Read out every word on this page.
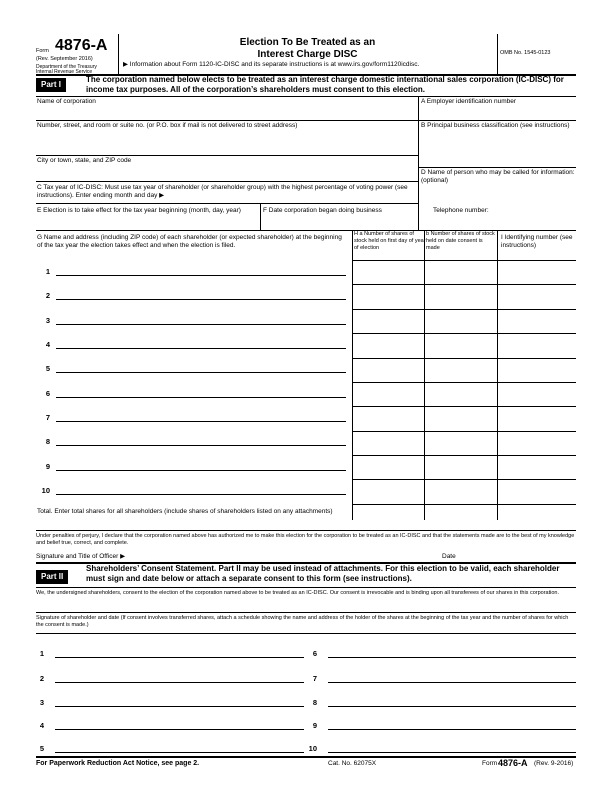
Form 4876-A
(Rev. September 2016)
Department of the Treasury
Internal Revenue Service
Election To Be Treated as an
Interest Charge DISC
▶ Information about Form 1120-IC-DISC and its separate instructions is at www.irs.gov/form1120icdisc.
OMB No. 1545-0123
Part I
The corporation named below elects to be treated as an interest charge domestic international sales corporation (IC-DISC) for income tax purposes. All of the corporation’s shareholders must consent to this election.
Name of corporation
Number, street, and room or suite no. (or P.O. box if mail is not delivered to street address)
City or town, state, and ZIP code
A Employer identification number
B Principal business classification (see instructions)
D Name of person who may be called for information: (optional)
C Tax year of IC-DISC: Must use tax year of shareholder (or shareholder group) with the highest percentage of voting power (see instructions). Enter ending month and day ▶
E Election is to take effect for the tax year beginning (month, day, year)	F Date corporation began doing business	Telephone number:
G Name and address (including ZIP code) of each shareholder (or expected shareholder) at the beginning of the tax year the election takes effect and when the election is filed.
H a Number of shares of stock held on first day of year of election
b Number of shares of stock held on date consent is made
I Identifying number (see instructions)
1
2
3
4
5
6
7
8
9
10
Total. Enter total shares for all shareholders (include shares of shareholders listed on any attachments)
Under penalties of perjury, I declare that the corporation named above has authorized me to make this election for the corporation to be treated as an IC-DISC and that the statements made are to the best of my knowledge and belief true, correct, and complete.
Signature and Title of Officer ▶	Date
Part II
Shareholders’ Consent Statement. Part II may be used instead of attachments. For this election to be valid, each shareholder must sign and date below or attach a separate consent to this form (see instructions).
We, the undersigned shareholders, consent to the election of the corporation named above to be treated as an IC-DISC. Our consent is irrevocable and is binding upon all transferees of our shares in this corporation.
Signature of shareholder and date (If consent involves transferred shares, attach a schedule showing the name and address of the holder of the shares at the beginning of the tax year and the number of shares for which the consent is made.)
1
2
3
4
5
6
7
8
9
10
For Paperwork Reduction Act Notice, see page 2.	Cat. No. 62075X	Form 4876-A (Rev. 9-2016)
